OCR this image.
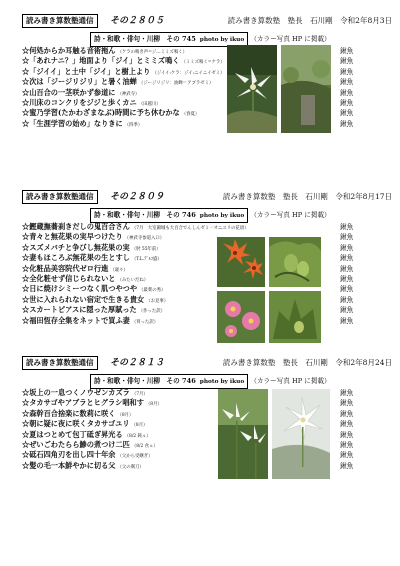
読み書き算数塾通信	その２８０５	読み書き算数塾　塾長　石川剛　令和2年8月3日
詩・和歌・俳句・川柳　その 745 photo by ikuo （カラー写真 HP に掲載）
☆何処からか耳触る音術拖ん （ケラの鳴き声=ジ…ミミズ鳴く）	鍬魚
☆「あれナニ？」地面より「ジイ」とミミズ鳴く （ミミズ鳴く=ケラ）	鍬魚
☆「ジイイ」と土中「ジイ」と樹上より （ジイイ:ケラ：ジイ:ニイニイゼミ）	鍬魚
☆次は「ジージリジリ」と暑く油蝉 （ジージリジリ：油蝉＝アブラゼミ）	鍬魚
☆山百合の一茎咲かず参道に （神武寺）	鍬魚
☆川床のコンクリをジジと歩くカニ （田越川）	鍬魚
☆蜜乃学習(たかわざまなぶ)時間に予ち休むかな （春夏）	鍬魚
☆「生涯学習の始め」なりきに （四季）	鍬魚
読み書き算数塾通信	その２８０９	読み書き算数塾　塾長　石川剛　令和2年8月17日
詩・和歌・俳句・川柳　その 746 photo by ikuo （カラー写真 HP に掲載）
☆鰹蔵撫蕎刹きだしの鬼百合さん （7月　大室錦城も大百合でんしんゼミ一オニユリの花頃）	鍬魚
☆青々と無花果の実早つけたり （神武寺参道入口）	鍬魚
☆スズメバチと争びし無花果の実 （肘 55年前）	鍬魚
☆妻もほころぶ無花果の生とすし （T.L.ﾃﾞﾙｺ盛）	鍬魚
☆化粧品美容院代ゼロ行進 （歳々）	鍬魚
☆全化粧せず信じられないと （みたいだね）	鍬魚
☆日に焼けシミーつなく肌つやつや （最菜の秀）	鍬魚
☆世に入れられない宿定で生きる貴女 （お見事）	鍬魚
☆スカートピアスに隠った厚賦った （作った訳）	鍬魚
☆福田恆存全集をネットで買ふ妻 （買った訳）	鍬魚
読み書き算数塾通信	その２８１３	読み書き算数塾　塾長　石川剛　令和2年8月24日
詩・和歌・俳句・川柳　その 746 photo by ikuo （カラー写真 HP に掲載）
☆坂上の一息つくノウゼンカズラ （7月）	鍬魚
☆タカサゴやアブラとヒグラシ唱和す （8月）	鍬魚
☆森幹百合捨楽に数莉に咲く （8月）	鍬魚
☆朝に疑に夜に咲くタカサゴユリ （8月）	鍬魚
☆夏はつとめて包丁砥ぎ昇光る （8/2 鈍ㇽ）	鍬魚
☆ぜいごわたらら鯵の煮つけ二匹 （8/2 食ㇽ）	鍬魚
☆砥石四角刃を出し四十年余 （父から受継ぎ）	鍬魚
☆髪の毛一本鮮やかに切る父 （父の剃刀）	鍬魚
